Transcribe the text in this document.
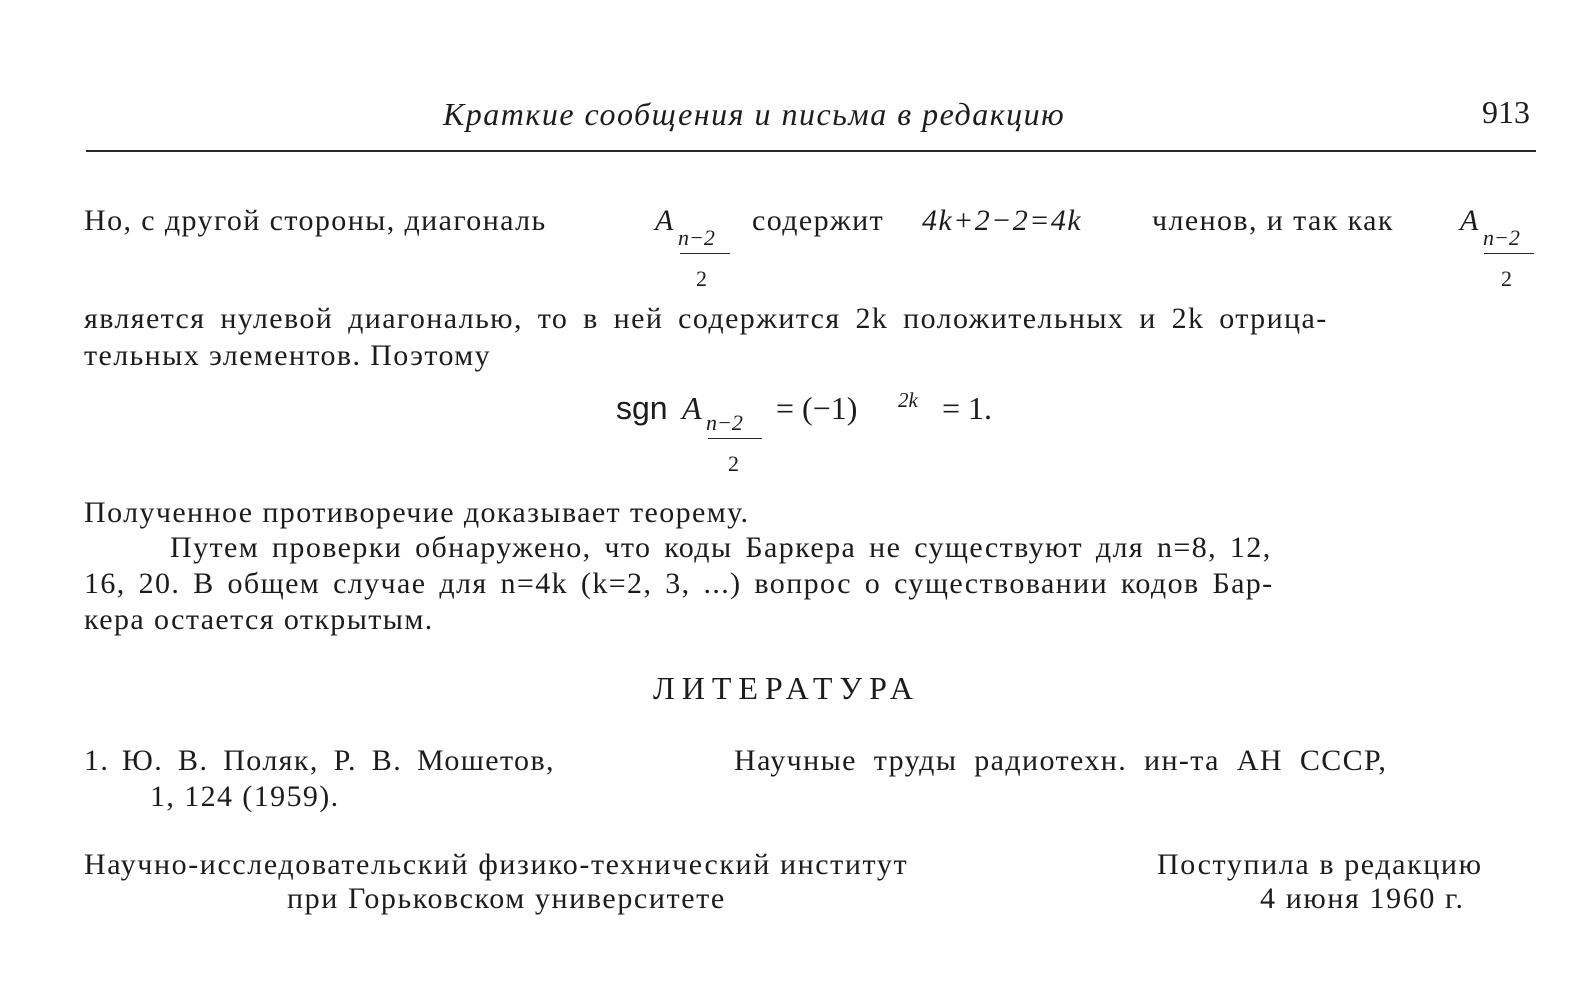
Краткие сообщения и письма в редакцию	913
Но, с другой стороны, диагональ	A
n−2
2
содержит 4k+2−2=4k членов, и так как A
n−2
2
является нулевой диагональю, то в ней содержится 2k положительных и 2k отрица-
тельных элементов. Поэтому
sgn A n−2
2
= (−1) 2k = 1.
Полученное противоречие доказывает теорему.
Путем проверки обнаружено, что коды Баркера не существуют для n=8, 12,
16, 20. В общем случае для n=4k (k=2, 3, ...) вопрос о существовании кодов Бар-
кера остается открытым.
ЛИТЕРАТУРА
1. Ю. В. Поляк, Р. В. Мошетов,	Научные труды радиотехн. ин-та АН СССР,
1, 124 (1959).
Научно-исследовательский физико-технический институт
при Горьковском университете
Поступила в редакцию
4 июня 1960 г.
